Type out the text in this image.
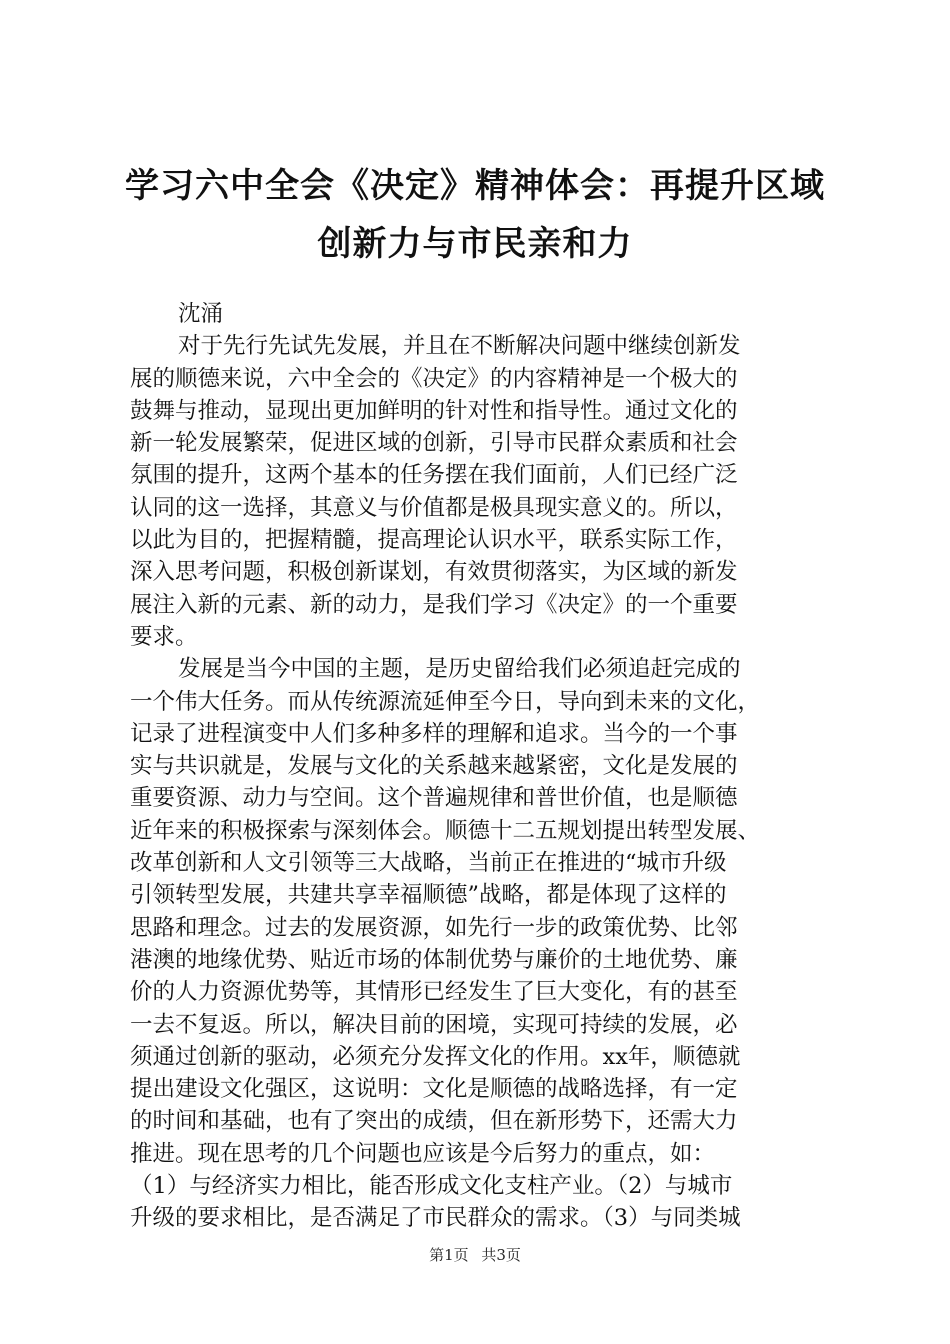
学习六中全会《决定》精神体会：再提升区域
创新力与市民亲和力
沈涌
对于先行先试先发展，并且在不断解决问题中继续创新发
展的顺德来说，六中全会的《决定》的内容精神是一个极大的
鼓舞与推动，显现出更加鲜明的针对性和指导性。通过文化的
新一轮发展繁荣，促进区域的创新，引导市民群众素质和社会
氛围的提升，这两个基本的任务摆在我们面前，人们已经广泛
认同的这一选择，其意义与价值都是极具现实意义的。所以，
以此为目的，把握精髓，提高理论认识水平，联系实际工作，
深入思考问题，积极创新谋划，有效贯彻落实，为区域的新发
展注入新的元素、新的动力，是我们学习《决定》的一个重要
要求。
发展是当今中国的主题，是历史留给我们必须追赶完成的
一个伟大任务。而从传统源流延伸至今日，导向到未来的文化，
记录了进程演变中人们多种多样的理解和追求。当今的一个事
实与共识就是，发展与文化的关系越来越紧密，文化是发展的
重要资源、动力与空间。这个普遍规律和普世价值，也是顺德
近年来的积极探索与深刻体会。顺德十二五规划提出转型发展、
改革创新和人文引领等三大战略，当前正在推进的“城市升级
引领转型发展，共建共享幸福顺德”战略，都是体现了这样的
思路和理念。过去的发展资源，如先行一步的政策优势、比邻
港澳的地缘优势、贴近市场的体制优势与廉价的土地优势、廉
价的人力资源优势等，其情形已经发生了巨大变化，有的甚至
一去不复返。所以，解决目前的困境，实现可持续的发展，必
须通过创新的驱动，必须充分发挥文化的作用。xx年，顺德就
提出建设文化强区，这说明：文化是顺德的战略选择，有一定
的时间和基础，也有了突出的成绩，但在新形势下，还需大力
推进。现在思考的几个问题也应该是今后努力的重点，如：
（1）与经济实力相比，能否形成文化支柱产业。（2）与城市
升级的要求相比，是否满足了市民群众的需求。（3）与同类城
第1页 共3页
